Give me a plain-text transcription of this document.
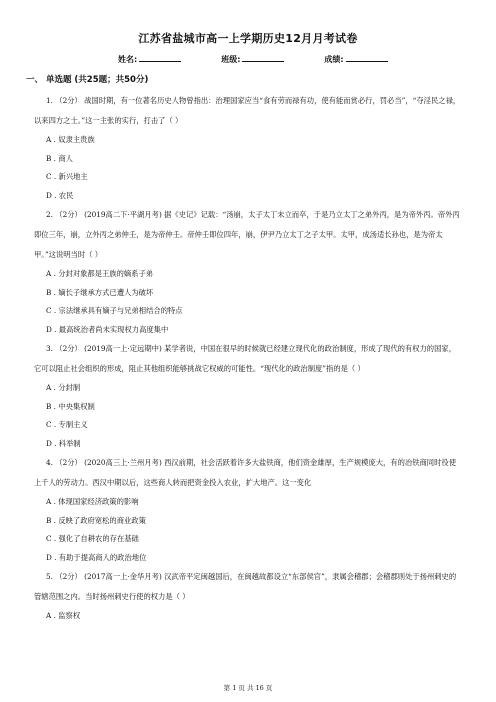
江苏省盐城市高一上学期历史12月月考试卷
姓名:	班级:	成绩:
一、 单选题 (共25题；共50分)
1. （2分） 战国时期，有一位著名历史人物曾指出：治理国家应当“食有劳而禄有功，使有能而赏必行，罚必当”，“夺淫民之禄，以来四方之士。”这一主张的实行，打击了（ ）
A . 奴隶主贵族
B . 商人
C . 新兴地主
D . 农民
2. （2分） (2019高二下·平湖月考) 据《史记》记载：“汤崩，太子太丁未立而卒，于是乃立太丁之弟外丙，是为帝外丙。帝外丙即位三年，崩，立外丙之弟仲壬，是为帝仲壬。帝仲壬即位四年，崩，伊尹乃立太丁之子太甲。太甲，成汤适长孙也，是为帝太甲。”这说明当时（ ）
A . 分封对象都是王族的嫡系子弟
B . 嫡长子继承方式已遭人为破坏
C . 宗法继承具有嫡子与兄弟相结合的特点
D . 最高统治者尚未实现权力高度集中
3. （2分） (2019高一上·定远期中) 某学者说，中国在很早的时候就已经建立现代化的政治制度，形成了现代的有权力的国家，它可以阻止社会组织的形成，阻止其他组织能够挑战它权威的可能性。“现代化的政治制度”指的是（ ）
A . 分封制
B . 中央集权制
C . 专制主义
D . 科举制
4. （2分） (2020高三上·兰州月考) 西汉前期，社会活跃着许多大盐铁商，他们资金雄厚，生产规模庞大，有的冶铁商同时役使上千人的劳动力。西汉中期以后，这些商人转而把资金投入农业，扩大地产。这一变化
A . 体现国家经济政策的影响
B . 反映了政府宽松的商业政策
C . 强化了自耕农的存在基础
D . 有助于提高商人的政治地位
5. （2分） (2017高一上·金华月考) 汉武帝平定闽越国后，在闽越故都设立“东部侯官”，隶属会稽郡；会稽郡则处于扬州刺史的管辖范围之内。当时扬州刺史行使的权力是（ ）
A . 监察权
第 1 页 共 16 页
